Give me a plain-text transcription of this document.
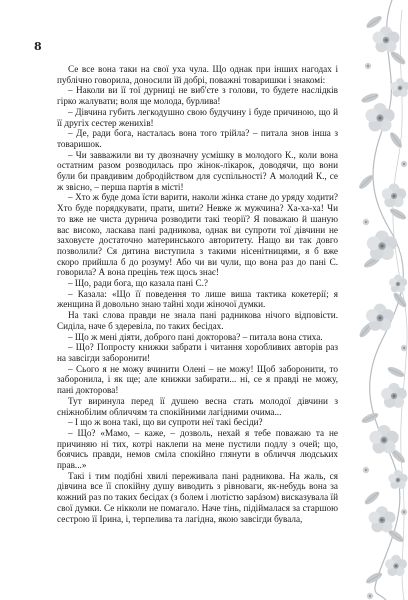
8

Се все вона таки на свої уха чула. Що однак при інших нагодах і публічно говорила, доносили їй добрі, поважні товаришки і знакомі:

– Наколи ви її тої дурниці не виб'єте з голови, то будете наслідків гірко жалувати; воля ще молода, бурлива!

– Дівчина губить легкодушно свою будучину і буде причиною, що й її другіх сестер женихів!

– Де, ради бога, насталась вона того трійла? – питала знов інша з товаришок.

– Чи завважили ви ту двозначну усмішку в молодого К., коли вона остатним разом розводилась про жінок-лікарок, доводячи, що вони були би правдивим добродійством для суспільності? А молодий К., се ж звісно, – перша партія в місті!

– Хто ж буде дома їсти варити, наколи жінка стане до уряду ходити? Хто буде порядкувати, прати, шити? Невже ж мужчина? Ха-ха-ха! Чи то вже не чиста дурнича розводити такі теорії? Я поважаю й шаную вас високо, ласкава пані радникова, однак ви супроти тої дівчини не заховуєте достаточно материнського авторитету. Нащо ви так довго позволили? Ся дитина виступила з такими нісенітницями, я б вже скоро прийшла б до розуму! Або чи ви чули, що вона раз до пані С. говорила? А вона прецінь теж щось знає!

– Що, ради бога, що казала пані С.?

– Казала: «Що її поведення то лише виша тактика кокетерії; я женщина й довольно знаю тайні ходи жіночої думки.

На такі слова правди не знала пані радникова нічого відповісти. Сиділа, наче б здеревіла, по таких бесідах.

– Що ж мені діяти, доброго пані докторова? – питала вона стиха.

– Що? Попросту книжки забрати і читання хоробливих авторів раз на завсігди заборонити!

– Сього я не можу вчинити Олені – не можу! Щоб заборонити, то заборонила, і як ще; але книжки забирати... ні, се я правді не можу, пані докторова!

Тут виринула перед її душею весна стать молодої дівчини з сніжнобілим обличчям та спокійними лагідними очима...

– І що ж вона такі, що ви супроти неї такі бесіди?

– Що? «Мамо, – каже, – дозволь, нехай я тебе поважаю та не причиняю ні тих, котрі наклепи на мене пустили подлу з очей; що, боячись правди, немов сміла спокійно глянути в обличчя людських прав...»

Такі і тим подібні хвилі переживала пані радникова. На жаль, ся дівчина все її спокійну душу виводить з рівноваги, як-небудь вона за кожний раз по таких бесідах (з болем і лютістю зарáзом) висказувала їй свої думки. Се нікколи не помагало. Наче тінь, підіймалася за старшою сестрою її Ірина, і, терпелива та лагідна, якою завсігди бувала,
